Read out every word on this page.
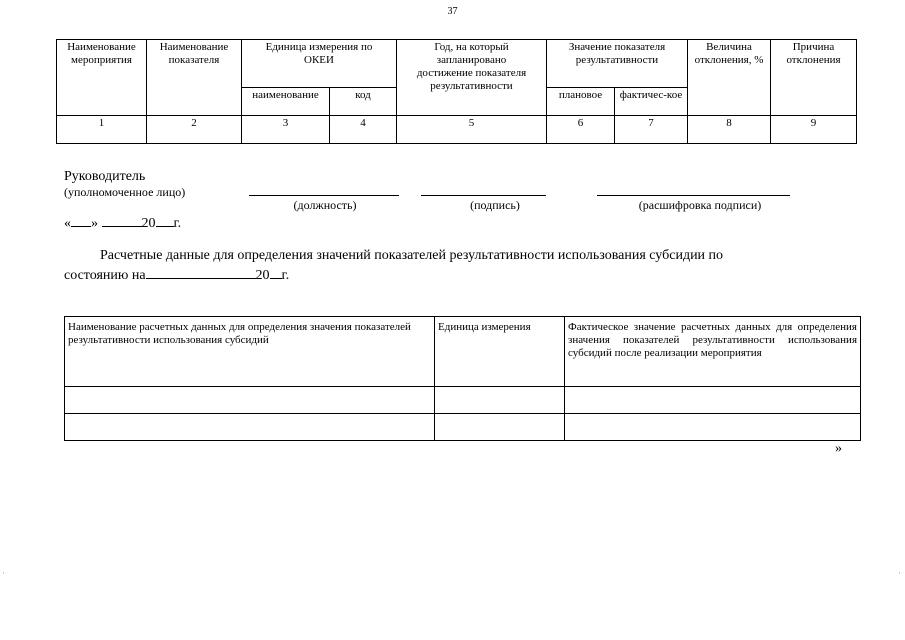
37
Наименование мероприятия	Наименование показателя	Единица измерения по ОКЕИ		Год, на который запланировано достижение показателя результативности	Значение показателя результативности		Величина отклонения, %	Причина отклонения
		наименование	код		плановое	фактичес-кое		
1	2	3	4	5	6	7	8	9
Руководитель
(уполномоченное лицо)
(должность)	(подпись)	(расшифровка подписи)
« »	20 г.
Расчетные данные для определения значений показателей результативности использования субсидии по
состоянию на	20 г.
Наименование расчетных данных для определения значения показателей результативности использования субсидий	Единица измерения	Фактическое значение расчетных данных для определения значения показателей результативности использования субсидий после реализации мероприятия

»
·	·
